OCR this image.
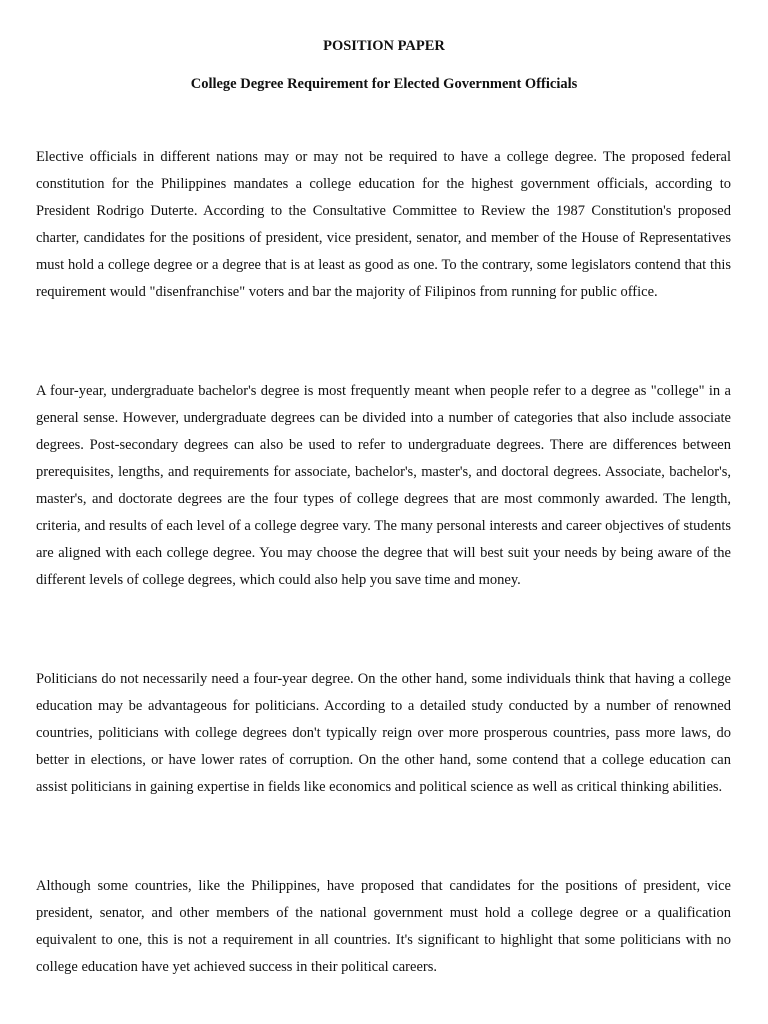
POSITION PAPER
College Degree Requirement for Elected Government Officials

Elective officials in different nations may or may not be required to have a college degree. The proposed federal constitution for the Philippines mandates a college education for the highest government officials, according to President Rodrigo Duterte. According to the Consultative Committee to Review the 1987 Constitution's proposed charter, candidates for the positions of president, vice president, senator, and member of the House of Representatives must hold a college degree or a degree that is at least as good as one. To the contrary, some legislators contend that this requirement would "disenfranchise" voters and bar the majority of Filipinos from running for public office.

A four-year, undergraduate bachelor's degree is most frequently meant when people refer to a degree as "college" in a general sense. However, undergraduate degrees can be divided into a number of categories that also include associate degrees. Post-secondary degrees can also be used to refer to undergraduate degrees. There are differences between prerequisites, lengths, and requirements for associate, bachelor's, master's, and doctoral degrees. Associate, bachelor's, master's, and doctorate degrees are the four types of college degrees that are most commonly awarded. The length, criteria, and results of each level of a college degree vary. The many personal interests and career objectives of students are aligned with each college degree. You may choose the degree that will best suit your needs by being aware of the different levels of college degrees, which could also help you save time and money.

Politicians do not necessarily need a four-year degree. On the other hand, some individuals think that having a college education may be advantageous for politicians. According to a detailed study conducted by a number of renowned countries, politicians with college degrees don't typically reign over more prosperous countries, pass more laws, do better in elections, or have lower rates of corruption. On the other hand, some contend that a college education can assist politicians in gaining expertise in fields like economics and political science as well as critical thinking abilities.

Although some countries, like the Philippines, have proposed that candidates for the positions of president, vice president, senator, and other members of the national government must hold a college degree or a qualification equivalent to one, this is not a requirement in all countries. It's significant to highlight that some politicians with no college education have yet achieved success in their political careers.
